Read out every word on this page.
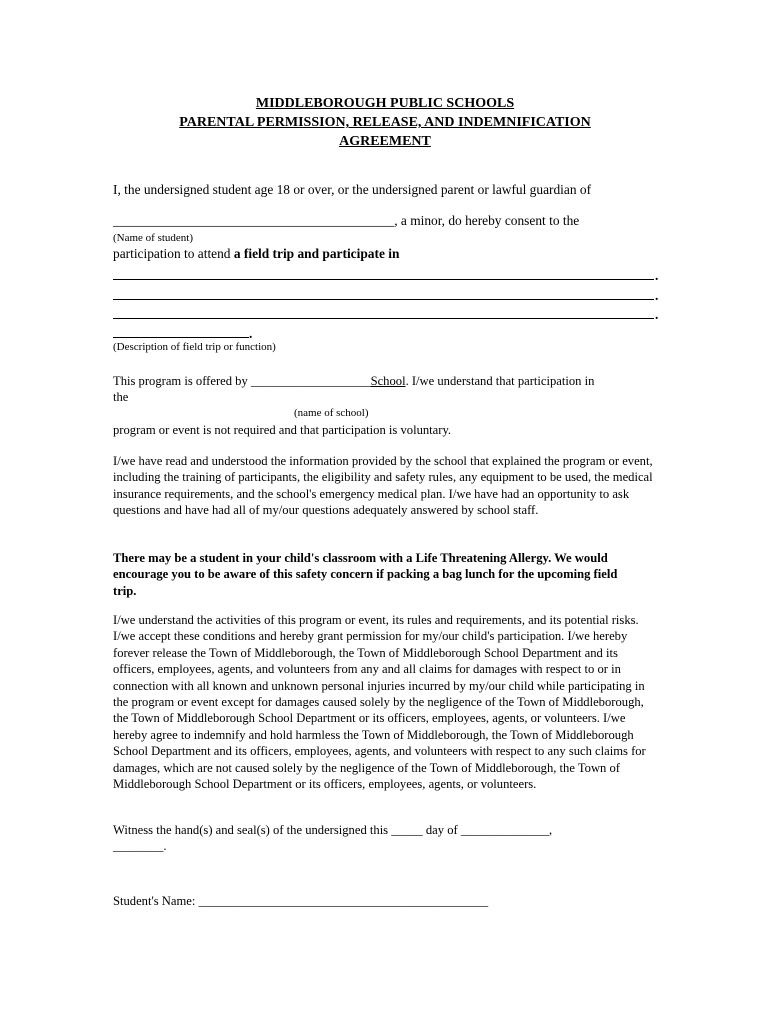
MIDDLEBOROUGH PUBLIC SCHOOLS
PARENTAL PERMISSION, RELEASE, AND INDEMNIFICATION
AGREEMENT
I, the undersigned student age 18 or over, or the undersigned parent or lawful guardian of
__________________________________________, a minor, do hereby consent to the
(Name of student)
participation to attend a field trip and participate in
.
.
.
.
(Description of field trip or function)
This program is offered by ___________________School. I/we understand that participation in
the
(name of school)
program or event is not required and that participation is voluntary.
I/we have read and understood the information provided by the school that explained the program or event, including the training of participants, the eligibility and safety rules, any equipment to be used, the medical insurance requirements, and the school's emergency medical plan. I/we have had an opportunity to ask questions and have had all of my/our questions adequately answered by school staff.
There may be a student in your child's classroom with a Life Threatening Allergy. We would encourage you to be aware of this safety concern if packing a bag lunch for the upcoming field trip.
I/we understand the activities of this program or event, its rules and requirements, and its potential risks. I/we accept these conditions and hereby grant permission for my/our child's participation. I/we hereby forever release the Town of Middleborough, the Town of Middleborough School Department and its officers, employees, agents, and volunteers from any and all claims for damages with respect to or in connection with all known and unknown personal injuries incurred by my/our child while participating in the program or event except for damages caused solely by the negligence of the Town of Middleborough, the Town of Middleborough School Department or its officers, employees, agents, or volunteers. I/we hereby agree to indemnify and hold harmless the Town of Middleborough, the Town of Middleborough School Department and its officers, employees, agents, and volunteers with respect to any such claims for damages, which are not caused solely by the negligence of the Town of Middleborough, the Town of Middleborough School Department or its officers, employees, agents, or volunteers.
Witness the hand(s) and seal(s) of the undersigned this _____ day of ______________,
________.
Student's Name: ______________________________________________
